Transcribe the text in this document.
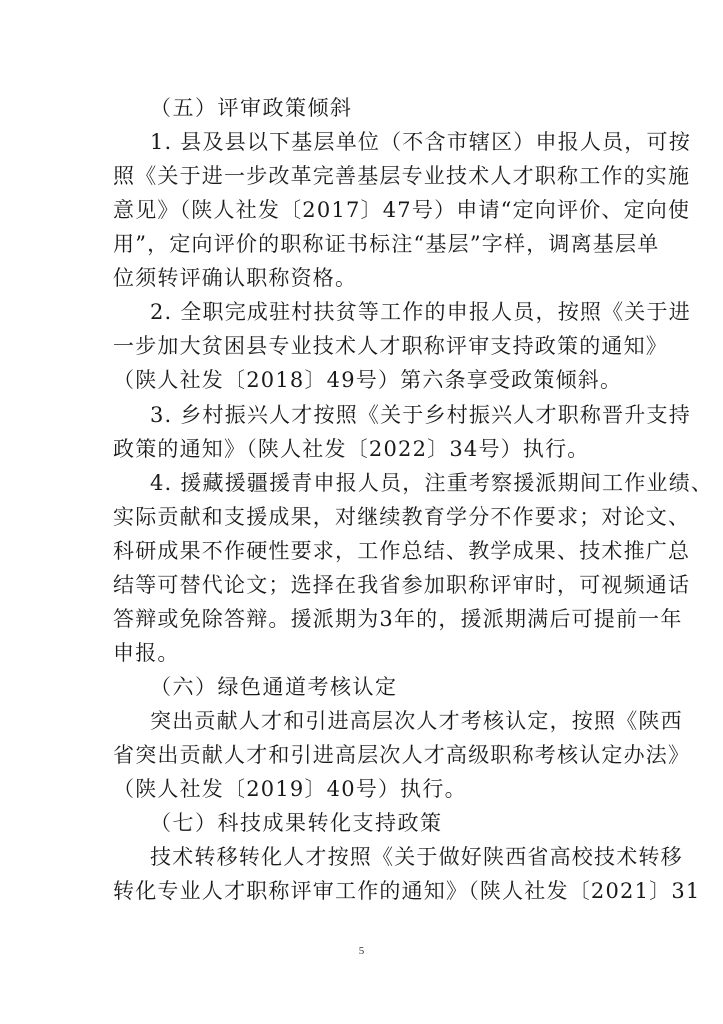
（五）评审政策倾斜
1. 县及县以下基层单位（不含市辖区）申报人员，可按
照《关于进一步改革完善基层专业技术人才职称工作的实施
意见》（陕人社发〔2017〕47号）申请“定向评价、定向使
用”，定向评价的职称证书标注“基层”字样，调离基层单
位须转评确认职称资格。
2. 全职完成驻村扶贫等工作的申报人员，按照《关于进
一步加大贫困县专业技术人才职称评审支持政策的通知》
（陕人社发〔2018〕49号）第六条享受政策倾斜。
3. 乡村振兴人才按照《关于乡村振兴人才职称晋升支持
政策的通知》（陕人社发〔2022〕34号）执行。
4. 援藏援疆援青申报人员，注重考察援派期间工作业绩、
实际贡献和支援成果，对继续教育学分不作要求；对论文、
科研成果不作硬性要求，工作总结、教学成果、技术推广总
结等可替代论文；选择在我省参加职称评审时，可视频通话
答辩或免除答辩。援派期为3年的，援派期满后可提前一年
申报。
（六）绿色通道考核认定
突出贡献人才和引进高层次人才考核认定，按照《陕西
省突出贡献人才和引进高层次人才高级职称考核认定办法》
（陕人社发〔2019〕40号）执行。
（七）科技成果转化支持政策
技术转移转化人才按照《关于做好陕西省高校技术转移
转化专业人才职称评审工作的通知》（陕人社发〔2021〕31
5
